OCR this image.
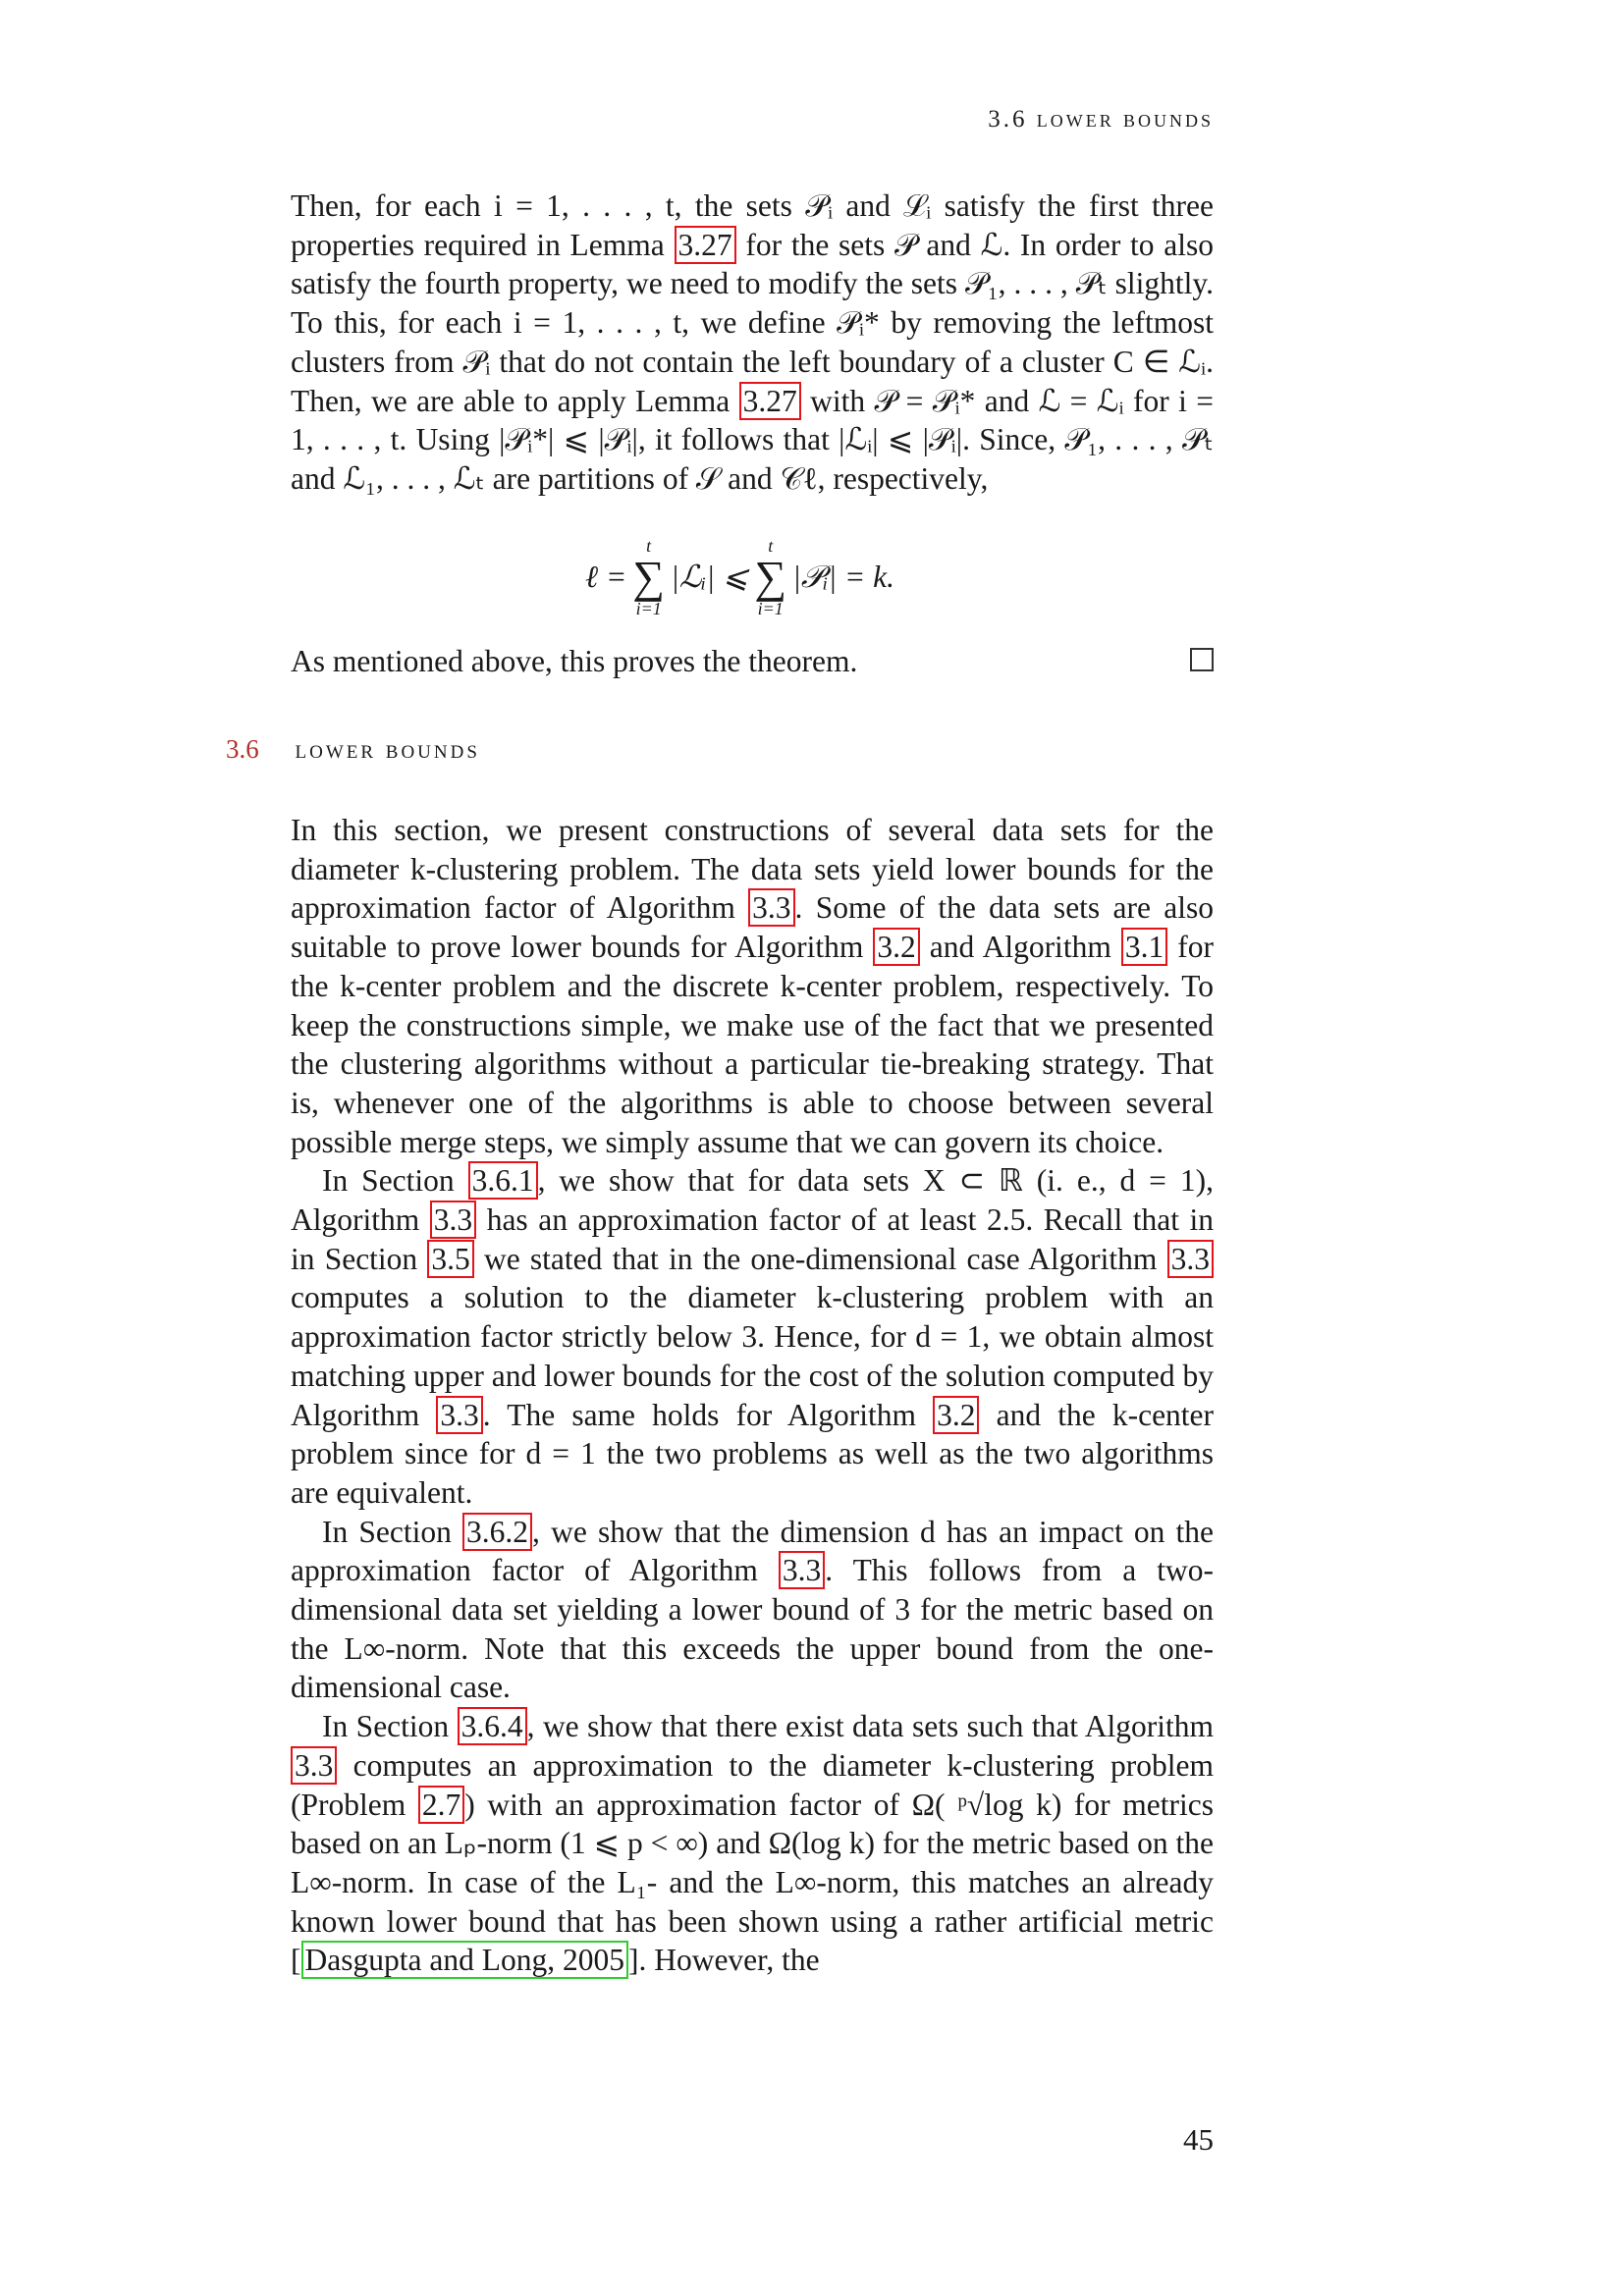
3.6 lower bounds

Then, for each i = 1, . . . , t, the sets 𝒫ᵢ and ℒᵢ satisfy the first three properties required in Lemma 3.27 for the sets 𝒫 and ℒ. In order to also satisfy the fourth property, we need to modify the sets 𝒫₁, . . . , 𝒫ₜ slightly. To this, for each i = 1, . . . , t, we define 𝒫ᵢ* by removing the leftmost clusters from 𝒫ᵢ that do not contain the left boundary of a cluster C ∈ ℒᵢ. Then, we are able to apply Lemma 3.27 with 𝒫 = 𝒫ᵢ* and ℒ = ℒᵢ for i = 1, . . . , t. Using |𝒫ᵢ*| ⩽ |𝒫ᵢ|, it follows that |ℒᵢ| ⩽ |𝒫ᵢ|. Since, 𝒫₁, . . . , 𝒫ₜ and ℒ₁, . . . , ℒₜ are partitions of 𝒮 and 𝒞ℓ, respectively,

ℓ =
t
∑
i=1
|ℒᵢ| ⩽
t
∑
i=1
|𝒫ᵢ| = k.
As mentioned above, this proves the theorem.
3.6 lower bounds

In this section, we present constructions of several data sets for the diameter k-clustering problem. The data sets yield lower bounds for the approximation factor of Algorithm 3.3 . Some of the data sets are also suitable to prove lower bounds for Algorithm 3.2 and Algorithm 3.1 for the k-center problem and the discrete k-center problem, respectively. To keep the constructions simple, we make use of the fact that we presented the clustering algorithms without a particular tie-breaking strategy. That is, whenever one of the algorithms is able to choose between several possible merge steps, we simply assume that we can govern its choice.

In Section 3.6.1 , we show that for data sets X ⊂ ℝ (i. e., d = 1), Algorithm 3.3 has an approximation factor of at least 2.5. Recall that in in Section 3.5 we stated that in the one-dimensional case Algorithm 3.3 computes a solution to the diameter k-clustering problem with an approximation factor strictly below 3. Hence, for d = 1, we obtain almost matching upper and lower bounds for the cost of the solution computed by Algorithm 3.3 . The same holds for Algorithm 3.2 and the k-center problem since for d = 1 the two problems as well as the two algorithms are equivalent.

In Section 3.6.2 , we show that the dimension d has an impact on the approximation factor of Algorithm 3.3 . This follows from a two-dimensional data set yielding a lower bound of 3 for the metric based on the L∞-norm. Note that this exceeds the upper bound from the one-dimensional case.

In Section 3.6.4 , we show that there exist data sets such that Algorithm 3.3 computes an approximation to the diameter k-clustering problem (Problem 2.7 ) with an approximation factor of Ω( ᵖ√log k) for metrics based on an Lₚ-norm (1 ⩽ p < ∞) and Ω(log k) for the metric based on the L∞-norm. In case of the L₁- and the L∞-norm, this matches an already known lower bound that has been shown using a rather artificial metric [ Dasgupta and Long, 2005 ]. However, the

45
